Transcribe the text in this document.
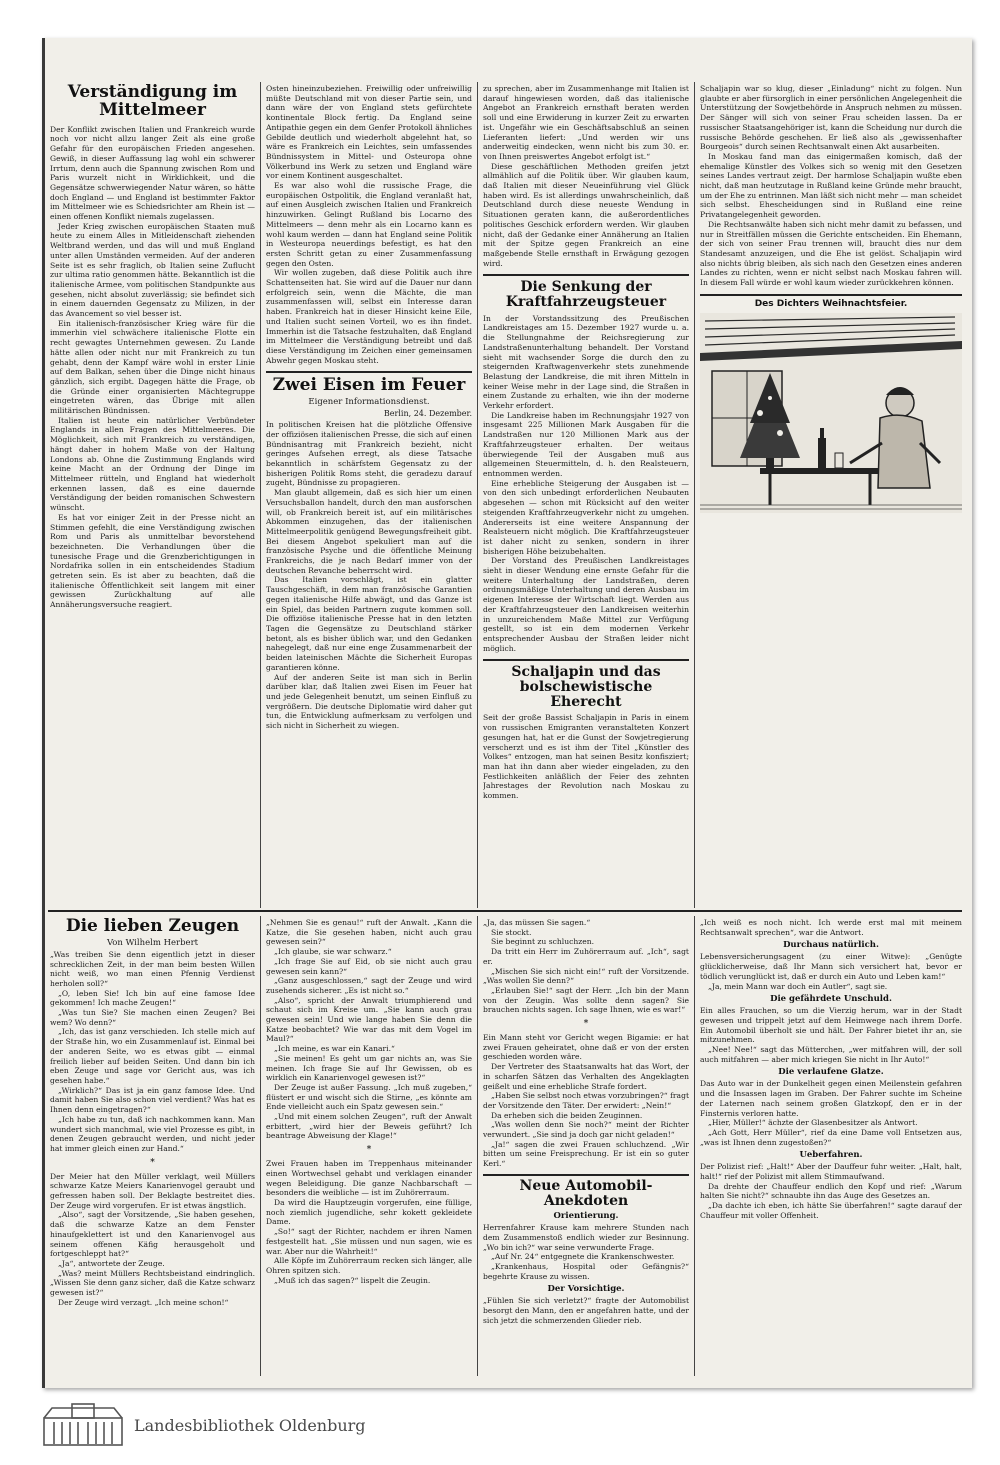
Verständigung im Mittelmeer

Der Konflikt zwischen Italien und Frankreich wurde noch vor nicht allzu langer Zeit als eine große Gefahr für den europäischen Frieden angesehen. Gewiß, in dieser Auffassung lag wohl ein schwerer Irrtum, denn auch die Spannung zwischen Rom und Paris wurzelt nicht in Wirklichkeit, und die Gegensätze schwerwiegender Natur wären, so hätte doch England — und England ist bestimmter Faktor im Mittelmeer wie es Schiedsrichter am Rhein ist — einen offenen Konflikt niemals zugelassen.

Jeder Krieg zwischen europäischen Staaten muß heute zu einem Alles in Mitleidenschaft ziehenden Weltbrand werden, und das will und muß England unter allen Umständen vermeiden. Auf der anderen Seite ist es sehr fraglich, ob Italien seine Zuflucht zur ultima ratio genommen hätte. Bekanntlich ist die italienische Armee, vom politischen Standpunkte aus gesehen, nicht absolut zuverlässig; sie befindet sich in einem dauernden Gegensatz zu Milizen, in der das Avancement so viel besser ist.

Ein italienisch-französischer Krieg wäre für die immerhin viel schwächere italienische Flotte ein recht gewagtes Unternehmen gewesen. Zu Lande hätte allen oder nicht nur mit Frankreich zu tun gehabt, denn der Kampf wäre wohl in erster Linie auf dem Balkan, sehen über die Dinge nicht hinaus gänzlich, sich ergibt. Dagegen hätte die Frage, ob die Gründe einer organisierten Mächtegruppe eingetreten wären, das Übrige mit allen militärischen Bündnissen.

Italien ist heute ein natürlicher Verbündeter Englands in allen Fragen des Mittelmeeres. Die Möglichkeit, sich mit Frankreich zu verständigen, hängt daher in hohem Maße von der Haltung Londons ab. Ohne die Zustimmung Englands wird keine Macht an der Ordnung der Dinge im Mittelmeer rütteln, und England hat wiederholt erkennen lassen, daß es eine dauernde Verständigung der beiden romanischen Schwestern wünscht.

Es hat vor einiger Zeit in der Presse nicht an Stimmen gefehlt, die eine Verständigung zwischen Rom und Paris als unmittelbar bevorstehend bezeichneten. Die Verhandlungen über die tunesische Frage und die Grenzberichtigungen in Nordafrika sollen in ein entscheidendes Stadium getreten sein. Es ist aber zu beachten, daß die italienische Öffentlichkeit seit langem mit einer gewissen Zurückhaltung auf alle Annäherungsversuche reagiert.

Osten hineinzubeziehen. Freiwillig oder unfreiwillig müßte Deutschland mit von dieser Partie sein, und dann wäre der von England stets gefürchtete kontinentale Block fertig. Da England seine Antipathie gegen ein dem Genfer Protokoll ähnliches Gebilde deutlich und wiederholt abgelehnt hat, so wäre es Frankreich ein Leichtes, sein umfassendes Bündnissystem in Mittel- und Osteuropa ohne Völkerbund ins Werk zu setzen und England wäre vor einem Kontinent ausgeschaltet.

Es war also wohl die russische Frage, die europäischen Ostpolitik, die England veranlaßt hat, auf einen Ausgleich zwischen Italien und Frankreich hinzuwirken. Gelingt Rußland bis Locarno des Mittelmeers — denn mehr als ein Locarno kann es wohl kaum werden — dann hat England seine Politik in Westeuropa neuerdings befestigt, es hat den ersten Schritt getan zu einer Zusammenfassung gegen den Osten.

Wir wollen zugeben, daß diese Politik auch ihre Schattenseiten hat. Sie wird auf die Dauer nur dann erfolgreich sein, wenn die Mächte, die man zusammenfassen will, selbst ein Interesse daran haben. Frankreich hat in dieser Hinsicht keine Eile, und Italien sucht seinen Vorteil, wo es ihn findet. Immerhin ist die Tatsache festzuhalten, daß England im Mittelmeer die Verständigung betreibt und daß diese Verständigung im Zeichen einer gemeinsamen Abwehr gegen Moskau steht.

Zwei Eisen im Feuer
Eigener Informationsdienst.
Berlin, 24. Dezember.

In politischen Kreisen hat die plötzliche Offensive der offiziösen italienischen Presse, die sich auf einen Bündnisantrag mit Frankreich bezieht, nicht geringes Aufsehen erregt, als diese Tatsache bekanntlich in schärfstem Gegensatz zu der bisherigen Politik Roms steht, die geradezu darauf zugeht, Bündnisse zu propagieren.

Man glaubt allgemein, daß es sich hier um einen Versuchsballon handelt, durch den man ausforschen will, ob Frankreich bereit ist, auf ein militärisches Abkommen einzugehen, das der italienischen Mittelmeerpolitik genügend Bewegungsfreiheit gibt. Bei diesem Angebot spekuliert man auf die französische Psyche und die öffentliche Meinung Frankreichs, die je nach Bedarf immer von der deutschen Revanche beherrscht wird.

Das Italien vorschlägt, ist ein glatter Tauschgeschäft, in dem man französische Garantien gegen italienische Hilfe abwägt, und das Ganze ist ein Spiel, das beiden Partnern zugute kommen soll. Die offiziöse italienische Presse hat in den letzten Tagen die Gegensätze zu Deutschland stärker betont, als es bisher üblich war, und den Gedanken nahegelegt, daß nur eine enge Zusammenarbeit der beiden lateinischen Mächte die Sicherheit Europas garantieren könne.

Auf der anderen Seite ist man sich in Berlin darüber klar, daß Italien zwei Eisen im Feuer hat und jede Gelegenheit benutzt, um seinen Einfluß zu vergrößern. Die deutsche Diplomatie wird daher gut tun, die Entwicklung aufmerksam zu verfolgen und sich nicht in Sicherheit zu wiegen.

zu sprechen, aber im Zusammenhange mit Italien ist darauf hingewiesen worden, daß das italienische Angebot an Frankreich ernsthaft beraten werden soll und eine Erwiderung in kurzer Zeit zu erwarten ist. Ungefähr wie ein Geschäftsabschluß an seinen Lieferanten liefert: „Und werden wir uns anderweitig eindecken, wenn nicht bis zum 30. er. von Ihnen preiswertes Angebot erfolgt ist.“

Diese geschäftlichen Methoden greifen jetzt allmählich auf die Politik über. Wir glauben kaum, daß Italien mit dieser Neueinführung viel Glück haben wird. Es ist allerdings unwahrscheinlich, daß Deutschland durch diese neueste Wendung in Situationen geraten kann, die außerordentliches politisches Geschick erfordern werden. Wir glauben nicht, daß der Gedanke einer Annäherung an Italien mit der Spitze gegen Frankreich an eine maßgebende Stelle ernsthaft in Erwägung gezogen wird.

Die Senkung der Kraftfahrzeugsteuer

In der Vorstandssitzung des Preußischen Landkreistages am 15. Dezember 1927 wurde u. a. die Stellungnahme der Reichsregierung zur Landstraßenunterhaltung behandelt. Der Vorstand sieht mit wachsender Sorge die durch den zu steigernden Kraftwagenverkehr stets zunehmende Belastung der Landkreise, die mit ihren Mitteln in keiner Weise mehr in der Lage sind, die Straßen in einem Zustande zu erhalten, wie ihn der moderne Verkehr erfordert.

Die Landkreise haben im Rechnungsjahr 1927 von insgesamt 225 Millionen Mark Ausgaben für die Landstraßen nur 120 Millionen Mark aus der Kraftfahrzeugsteuer erhalten. Der weitaus überwiegende Teil der Ausgaben muß aus allgemeinen Steuermitteln, d. h. den Realsteuern, entnommen werden.

Eine erhebliche Steigerung der Ausgaben ist — von den sich unbedingt erforderlichen Neubauten abgesehen — schon mit Rücksicht auf den weiter steigenden Kraftfahrzeugverkehr nicht zu umgehen. Andererseits ist eine weitere Anspannung der Realsteuern nicht möglich. Die Kraftfahrzeugsteuer ist daher nicht zu senken, sondern in ihrer bisherigen Höhe beizubehalten.

Der Vorstand des Preußischen Landkreistages sieht in dieser Wendung eine ernste Gefahr für die weitere Unterhaltung der Landstraßen, deren ordnungsmäßige Unterhaltung und deren Ausbau im eigenen Interesse der Wirtschaft liegt. Werden aus der Kraftfahrzeugsteuer den Landkreisen weiterhin in unzureichendem Maße Mittel zur Verfügung gestellt, so ist ein dem modernen Verkehr entsprechender Ausbau der Straßen leider nicht möglich.

Schaljapin und das bolschewistische Eherecht

Seit der große Bassist Schaljapin in Paris in einem von russischen Emigranten veranstalteten Konzert gesungen hat, hat er die Gunst der Sowjetregierung verscherzt und es ist ihm der Titel „Künstler des Volkes“ entzogen, man hat seinen Besitz konfisziert; man hat ihn dann aber wieder eingeladen, zu den Festlichkeiten anläßlich der Feier des zehnten Jahrestages der Revolution nach Moskau zu kommen.

Schaljapin war so klug, dieser „Einladung“ nicht zu folgen. Nun glaubte er aber fürsorglich in einer persönlichen Angelegenheit die Unterstützung der Sowjetbehörde in Anspruch nehmen zu müssen. Der Sänger will sich von seiner Frau scheiden lassen. Da er russischer Staatsangehöriger ist, kann die Scheidung nur durch die russische Behörde geschehen. Er ließ also als „gewissenhafter Bourgeois“ durch seinen Rechtsanwalt einen Akt ausarbeiten.

In Moskau fand man das einigermaßen komisch, daß der ehemalige Künstler des Volkes sich so wenig mit den Gesetzen seines Landes vertraut zeigt. Der harmlose Schaljapin wußte eben nicht, daß man heutzutage in Rußland keine Gründe mehr braucht, um der Ehe zu entrinnen. Man läßt sich nicht mehr — man scheidet sich selbst. Ehescheidungen sind in Rußland eine reine Privatangelegenheit geworden.

Die Rechtsanwälte haben sich nicht mehr damit zu befassen, und nur in Streitfällen müssen die Gerichte entscheiden. Ein Ehemann, der sich von seiner Frau trennen will, braucht dies nur dem Standesamt anzuzeigen, und die Ehe ist gelöst. Schaljapin wird also nichts übrig bleiben, als sich nach den Gesetzen eines anderen Landes zu richten, wenn er nicht selbst nach Moskau fahren will. In diesem Fall würde er wohl kaum wieder zurückkehren können.

Des Dichters Weihnachtsfeier.
Die lieben Zeugen
Von Wilhelm Herbert

„Was treiben Sie denn eigentlich jetzt in dieser schrecklichen Zeit, in der man beim besten Willen nicht weiß, wo man einen Pfennig Verdienst herholen soll?“

„O, leben Sie! Ich bin auf eine famose Idee gekommen! Ich mache Zeugen!“

„Was tun Sie? Sie machen einen Zeugen? Bei wem? Wo denn?“

„Ich, das ist ganz verschieden. Ich stelle mich auf der Straße hin, wo ein Zusammenlauf ist. Einmal bei der anderen Seite, wo es etwas gibt — einmal freilich lieber auf beiden Seiten. Und dann bin ich eben Zeuge und sage vor Gericht aus, was ich gesehen habe.“

„Wirklich?“ Das ist ja ein ganz famose Idee. Und damit haben Sie also schon viel verdient? Was hat es Ihnen denn eingetragen?“

„Ich habe zu tun, daß ich nachkommen kann. Man wundert sich manchmal, wie viel Prozesse es gibt, in denen Zeugen gebraucht werden, und nicht jeder hat immer gleich einen zur Hand.“

*

Der Meier hat den Müller verklagt, weil Müllers schwarze Katze Meiers Kanarienvogel geraubt und gefressen haben soll. Der Beklagte bestreitet dies. Der Zeuge wird vorgerufen. Er ist etwas ängstlich.

„Also“, sagt der Vorsitzende, „Sie haben gesehen, daß die schwarze Katze an dem Fenster hinaufgeklettert ist und den Kanarienvogel aus seinem offenen Käfig herausgeholt und fortgeschleppt hat?“

„Ja“, antwortete der Zeuge.

„Was? meint Müllers Rechtsbeistand eindringlich. „Wissen Sie denn ganz sicher, daß die Katze schwarz gewesen ist?“

Der Zeuge wird verzagt. „Ich meine schon!“

„Nehmen Sie es genau!“ ruft der Anwalt. „Kann die Katze, die Sie gesehen haben, nicht auch grau gewesen sein?“

„Ich glaube, sie war schwarz.“

„Ich frage Sie auf Eid, ob sie nicht auch grau gewesen sein kann?“

„Ganz ausgeschlossen,“ sagt der Zeuge und wird zusehends sicherer. „Es ist nicht so.“

„Also“, spricht der Anwalt triumphierend und schaut sich im Kreise um. „Sie kann auch grau gewesen sein! Und wie lange haben Sie denn die Katze beobachtet? Wie war das mit dem Vogel im Maul?“

„Ich meine, es war ein Kanari.“

„Sie meinen! Es geht um gar nichts an, was Sie meinen. Ich frage Sie auf Ihr Gewissen, ob es wirklich ein Kanarienvogel gewesen ist?“

Der Zeuge ist außer Fassung. „Ich muß zugeben,“ flüstert er und wischt sich die Stirne, „es könnte am Ende vielleicht auch ein Spatz gewesen sein.“

„Und mit einem solchen Zeugen“, ruft der Anwalt erbittert, „wird hier der Beweis geführt? Ich beantrage Abweisung der Klage!“

*

Zwei Frauen haben im Treppenhaus miteinander einen Wortwechsel gehabt und verklagen einander wegen Beleidigung. Die ganze Nachbarschaft — besonders die weibliche — ist im Zuhörerraum.

Da wird die Hauptzeugin vorgerufen, eine füllige, noch ziemlich jugendliche, sehr kokett gekleidete Dame.

„So!“ sagt der Richter, nachdem er ihren Namen festgestellt hat. „Sie müssen und nun sagen, wie es war. Aber nur die Wahrheit!“

Alle Köpfe im Zuhörerraum recken sich länger, alle Ohren spitzen sich.

„Muß ich das sagen?“ lispelt die Zeugin.

„Ja, das müssen Sie sagen.“

Sie stockt.

Sie beginnt zu schluchzen.

Da tritt ein Herr im Zuhörerraum auf. „Ich“, sagt er.

„Mischen Sie sich nicht ein!“ ruft der Vorsitzende. „Was wollen Sie denn?“

„Erlauben Sie!“ sagt der Herr. „Ich bin der Mann von der Zeugin. Was sollte denn sagen? Sie brauchen nichts sagen. Ich sage Ihnen, wie es war!“

*

Ein Mann steht vor Gericht wegen Bigamie: er hat zwei Frauen geheiratet, ohne daß er von der ersten geschieden worden wäre.

Der Vertreter des Staatsanwalts hat das Wort, der in scharfen Sätzen das Verhalten des Angeklagten geißelt und eine erhebliche Strafe fordert.

„Haben Sie selbst noch etwas vorzubringen?“ fragt der Vorsitzende den Täter. Der erwidert: „Nein!“

Da erheben sich die beiden Zeuginnen.

„Was wollen denn Sie noch?“ meint der Richter verwundert. „Sie sind ja doch gar nicht geladen!“

„Ja!“ sagen die zwei Frauen schluchzend. „Wir bitten um seine Freisprechung. Er ist ein so guter Kerl.“

Neue Automobil-Anekdoten
Orientierung.

Herrenfahrer Krause kam mehrere Stunden nach dem Zusammenstoß endlich wieder zur Besinnung. „Wo bin ich?“ war seine verwunderte Frage.

„Auf Nr. 24“ entgegnete die Krankenschwester.

„Krankenhaus, Hospital oder Gefängnis?“ begehrte Krause zu wissen.

Der Vorsichtige.

„Fühlen Sie sich verletzt?“ fragte der Automobilist besorgt den Mann, den er angefahren hatte, und der sich jetzt die schmerzenden Glieder rieb.

„Ich weiß es noch nicht. Ich werde erst mal mit meinem Rechtsanwalt sprechen“, war die Antwort.

Durchaus natürlich.

Lebensversicherungsagent (zu einer Witwe): „Genügte glücklicherweise, daß Ihr Mann sich versichert hat, bevor er tödlich verunglückt ist, daß er durch ein Auto und Leben kam!“

„Ja, mein Mann war doch ein Autler“, sagt sie.

Die gefährdete Unschuld.

Ein alles Frauchen, so um die Vierzig herum, war in der Stadt gewesen und trippelt jetzt auf dem Heimwege nach ihrem Dorfe. Ein Automobil überholt sie und hält. Der Fahrer bietet ihr an, sie mitzunehmen.

„Nee! Nee!“ sagt das Mütterchen, „wer mitfahren will, der soll auch mitfahren — aber mich kriegen Sie nicht in Ihr Auto!“

Die verlaufene Glatze.

Das Auto war in der Dunkelheit gegen einen Meilenstein gefahren und die Insassen lagen im Graben. Der Fahrer suchte im Scheine der Laternen nach seinem großen Glatzkopf, den er in der Finsternis verloren hatte.

„Hier, Müller!“ ächzte der Glasenbesitzer als Antwort.

„Ach Gott, Herr Müller“, rief da eine Dame voll Entsetzen aus, „was ist Ihnen denn zugestoßen?“

Ueberfahren.

Der Polizist rief: „Halt!“ Aber der Dauffeur fuhr weiter. „Halt, halt, halt!“ rief der Polizist mit allem Stimmaufwand.

Da drehte der Chauffeur endlich den Kopf und rief: „Warum halten Sie nicht?“ schnaubte ihn das Auge des Gesetzes an.

„Da dachte ich eben, ich hätte Sie überfahren!“ sagte darauf der Chauffeur mit voller Offenheit.

Landesbibliothek Oldenburg
